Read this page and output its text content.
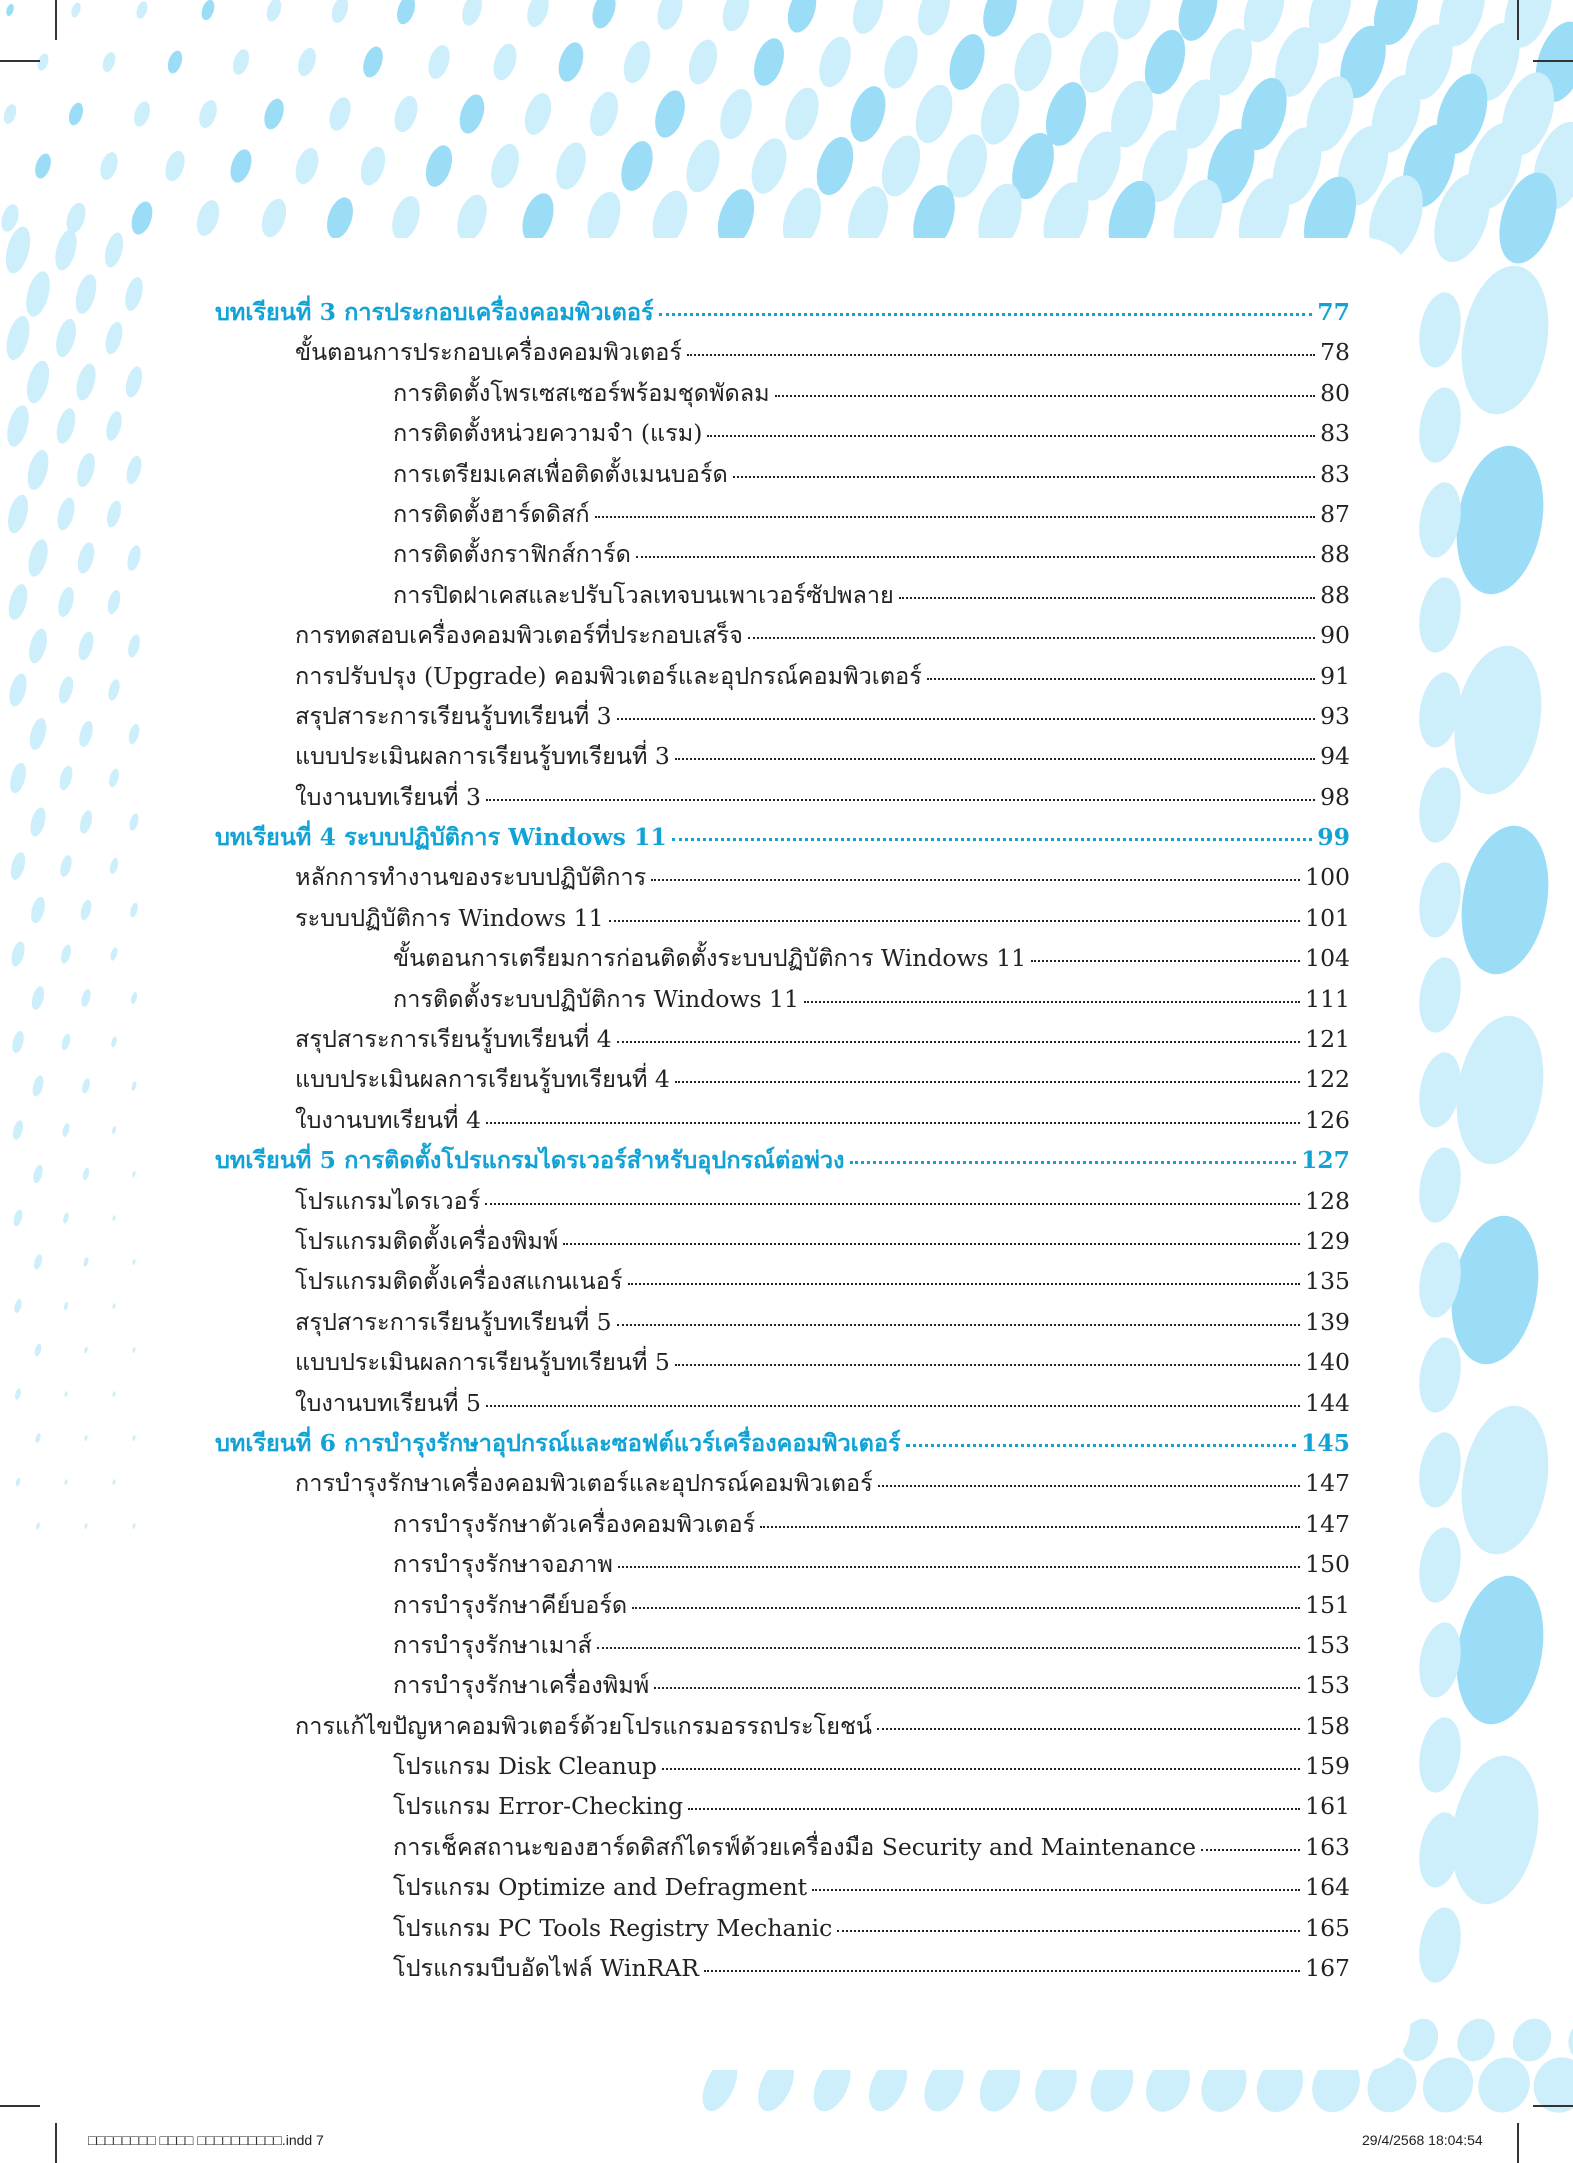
บทเรียนที่ 3 การประกอบเครื่องคอมพิวเตอร์	77
ขั้นตอนการประกอบเครื่องคอมพิวเตอร์	78
การติดตั้งโพรเซสเซอร์พร้อมชุดพัดลม	80
การติดตั้งหน่วยความจำ (แรม)	83
การเตรียมเคสเพื่อติดตั้งเมนบอร์ด	83
การติดตั้งฮาร์ดดิสก์	87
การติดตั้งกราฟิกส์การ์ด	88
การปิดฝาเคสและปรับโวลเทจบนเพาเวอร์ซัปพลาย	88
การทดสอบเครื่องคอมพิวเตอร์ที่ประกอบเสร็จ	90
การปรับปรุง (Upgrade) คอมพิวเตอร์และอุปกรณ์คอมพิวเตอร์	91
สรุปสาระการเรียนรู้บทเรียนที่ 3	93
แบบประเมินผลการเรียนรู้บทเรียนที่ 3	94
ใบงานบทเรียนที่ 3	98
บทเรียนที่ 4 ระบบปฏิบัติการ Windows 11	99
หลักการทำงานของระบบปฏิบัติการ	100
ระบบปฏิบัติการ Windows 11	101
ขั้นตอนการเตรียมการก่อนติดตั้งระบบปฏิบัติการ Windows 11	104
การติดตั้งระบบปฏิบัติการ Windows 11	111
สรุปสาระการเรียนรู้บทเรียนที่ 4	121
แบบประเมินผลการเรียนรู้บทเรียนที่ 4	122
ใบงานบทเรียนที่ 4	126
บทเรียนที่ 5 การติดตั้งโปรแกรมไดรเวอร์สำหรับอุปกรณ์ต่อพ่วง	127
โปรแกรมไดรเวอร์	128
โปรแกรมติดตั้งเครื่องพิมพ์	129
โปรแกรมติดตั้งเครื่องสแกนเนอร์	135
สรุปสาระการเรียนรู้บทเรียนที่ 5	139
แบบประเมินผลการเรียนรู้บทเรียนที่ 5	140
ใบงานบทเรียนที่ 5	144
บทเรียนที่ 6 การบำรุงรักษาอุปกรณ์และซอฟต์แวร์เครื่องคอมพิวเตอร์	145
การบำรุงรักษาเครื่องคอมพิวเตอร์และอุปกรณ์คอมพิวเตอร์	147
การบำรุงรักษาตัวเครื่องคอมพิวเตอร์	147
การบำรุงรักษาจอภาพ	150
การบำรุงรักษาคีย์บอร์ด	151
การบำรุงรักษาเมาส์	153
การบำรุงรักษาเครื่องพิมพ์	153
การแก้ไขปัญหาคอมพิวเตอร์ด้วยโปรแกรมอรรถประโยชน์	158
โปรแกรม Disk Cleanup	159
โปรแกรม Error-Checking	161
การเช็คสถานะของฮาร์ดดิสก์ไดรฟ์ด้วยเครื่องมือ Security and Maintenance	163
โปรแกรม Optimize and Defragment	164
โปรแกรม PC Tools Registry Mechanic	165
โปรแกรมบีบอัดไฟล์ WinRAR	167
□□□□□□□□ □□□□ □□□□□□□□□□.indd 7	29/4/2568 18:04:54
